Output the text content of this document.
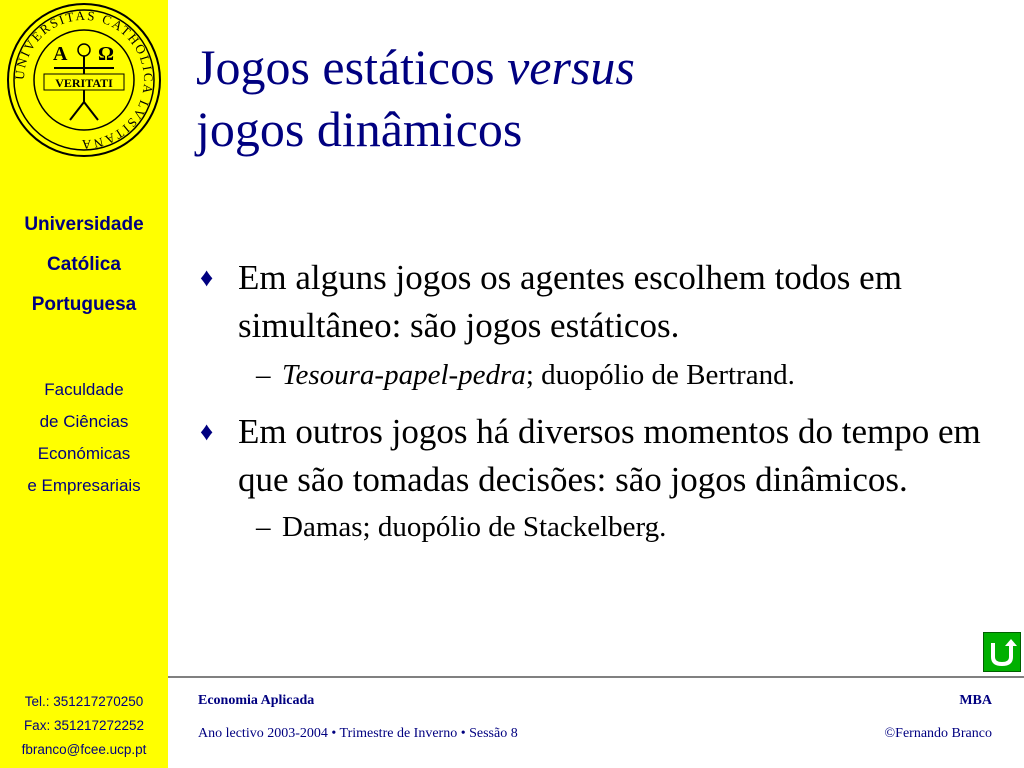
UNIVERSITAS CATHOLICA LVSITANA
A Ω
VERITATI
Universidade
Católica
Portuguesa
Faculdade
de Ciências
Económicas
e Empresariais
Tel.: 351217270250
Fax: 351217272252
fbranco@fcee.ucp.pt
Jogos estáticos versus
jogos dinâmicos
♦ Em alguns jogos os agentes escolhem todos em simultâneo: são jogos estáticos.
– Tesoura-papel-pedra; duopólio de Bertrand.
♦ Em outros jogos há diversos momentos do tempo em que são tomadas decisões: são jogos dinâmicos.
– Damas; duopólio de Stackelberg.
Economia Aplicada	MBA
Ano lectivo 2003-2004 • Trimestre de Inverno • Sessão 8	©Fernando Branco
